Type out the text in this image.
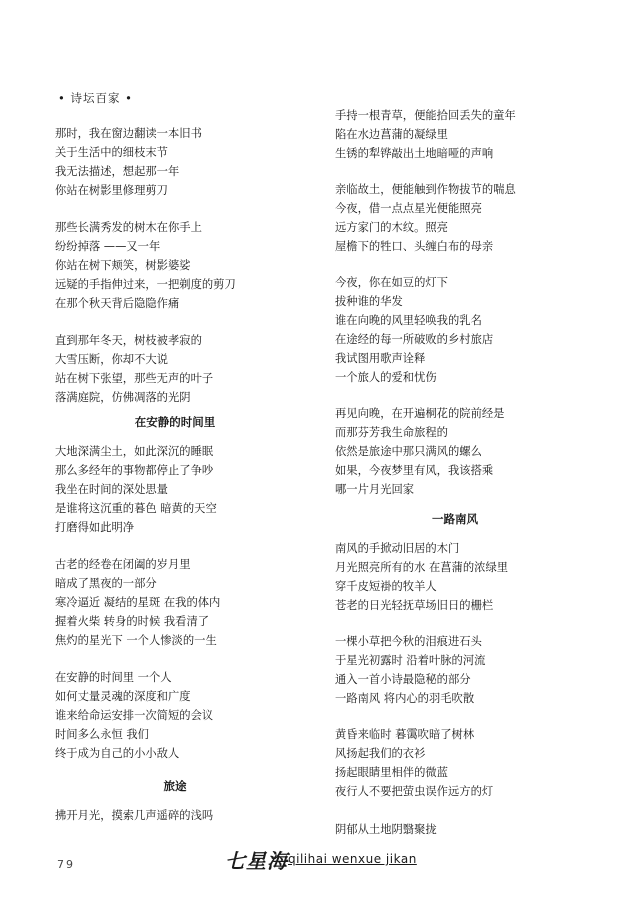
• 诗坛百家 •
那时，我在窗边翻读一本旧书
关于生活中的细枝末节
我无法描述，想起那一年
你站在树影里修理剪刀
那些长满秀发的树木在你手上
纷纷掉落 ——又一年
你站在树下颊笑，树影婆娑
远疑的手指伸过来，一把剃度的剪刀
在那个秋天背后隐隐作痛
直到那年冬天，树枝被孝寂的
大雪压断，你却不大说
站在树下张望，那些无声的叶子
落满庭院，仿佛凋落的光阴
在安静的时间里
大地深满尘土，如此深沉的睡眠
那么多经年的事物都停止了争吵
我坐在时间的深处思量
是谁将这沉重的暮色 暗黄的天空
打磨得如此明净
古老的经卷在闭阖的岁月里
暗成了黑夜的一部分
寒冷逼近 凝结的星斑 在我的体内
握着火柴 转身的时候 我看清了
焦灼的星光下 一个人惨淡的一生
在安静的时间里 一个人
如何丈量灵魂的深度和广度
谁来给命运安排一次简短的会议
时间多么永恒 我们
终于成为自己的小小敌人
旅途
拂开月光，摸索几声遥碎的浅吗
手持一根青草，便能拾回丢失的童年
陷在水边菖蒲的凝绿里
生锈的犁铧敲出土地暗哑的声响
亲临故土，便能触到作物拔节的喘息
今夜，借一点点星光便能照亮
远方家门的木纹。照亮
屋檐下的牲口、头缠白布的母亲
今夜，你在如豆的灯下
拔种谁的华发
谁在向晚的风里轻唤我的乳名
在途经的每一所破败的乡村旅店
我试图用歌声诠释
一个旅人的爱和忧伤
再见向晚，在开遍桐花的院前经是
而那芬芳我生命旅程的
依然是旅途中那只满风的螺么
如果，今夜梦里有风，我该搭乘
哪一片月光回家
一路南风
南风的手掀动旧居的木门
月光照亮所有的水 在菖蒲的浓绿里
穿千皮短褂的牧羊人
苍老的日光轻抚草场旧日的栅栏
一棵小草把今秋的泪痕进石头
于星光初露时 沿着叶脉的河流
通入一首小诗最隐秘的部分
一路南风 将内心的羽毛吹散
黄昏来临时 暮霭吹暗了树林
风扬起我们的衣衫
扬起眼睛里相伴的微蓝
夜行人不要把萤虫误作远方的灯
阴郁从土地阴翳聚拢
79	七星海 qilihai wenxue jikan
